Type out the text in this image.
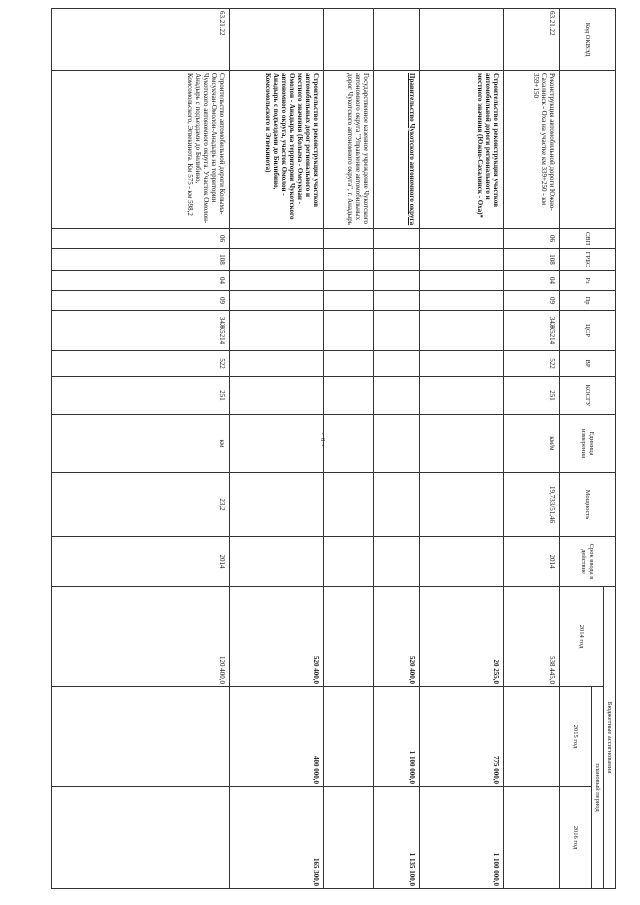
Код ОКВЭД		СВП	ГРБС	Рз	Пр	ЦСР	ВР	КОСГУ	Единица измерения	Мощность	Срок ввода в действие	Бюджетные ассигнования		
												2014 год	плановый период	
													2015 год	2016 год

63.21.22	Реконструкция автомобильной дороги Южно-Сахалинск - Оха на участке км 339+250 - км 359+150	06	108	04	09	34Ж5214	522	251	км/м	19,733/51,46	2014	538 445,0		

	Строительство и реконструкция участков автомобильной дороги регионального и местного значения (Южно-Сахалинск - Оха)*											20 255,0	775 000,0	1 100 000,0

	Правительство Чукотского автономного округа											520 400,0	1 100 000,0	1 135 100,0

	Государственное казенное учреждение Чукотского автономного округа "Управление автомобильных дорог Чукотского автономного округа", г. Анадырь													

	Строительство и реконструкция участков автомобильных дорог регионального и местного значения (Колыма - Омсукчан - Омолон - Анадырь на территории Чукотского автономного округа, участок Омолон - Анадырь с подъездами до Билибино, Комсомольского и Эгвекинота)											520 400,0	400 000,0	165 300,0

63.21.22	Строительство автомобильной дороги Колыма-Омсукчан-Омолон-Анадырь на территории Чукотского автономного округа. Участок Омолон-Анадырь с подъездами до Билибино, Комсомольского, Эгвекинота. Км 575 - км 598,2	06	108	04	09	34Ж5214	522	251	км	23,2	2014	120 400,0		

- 8 -
